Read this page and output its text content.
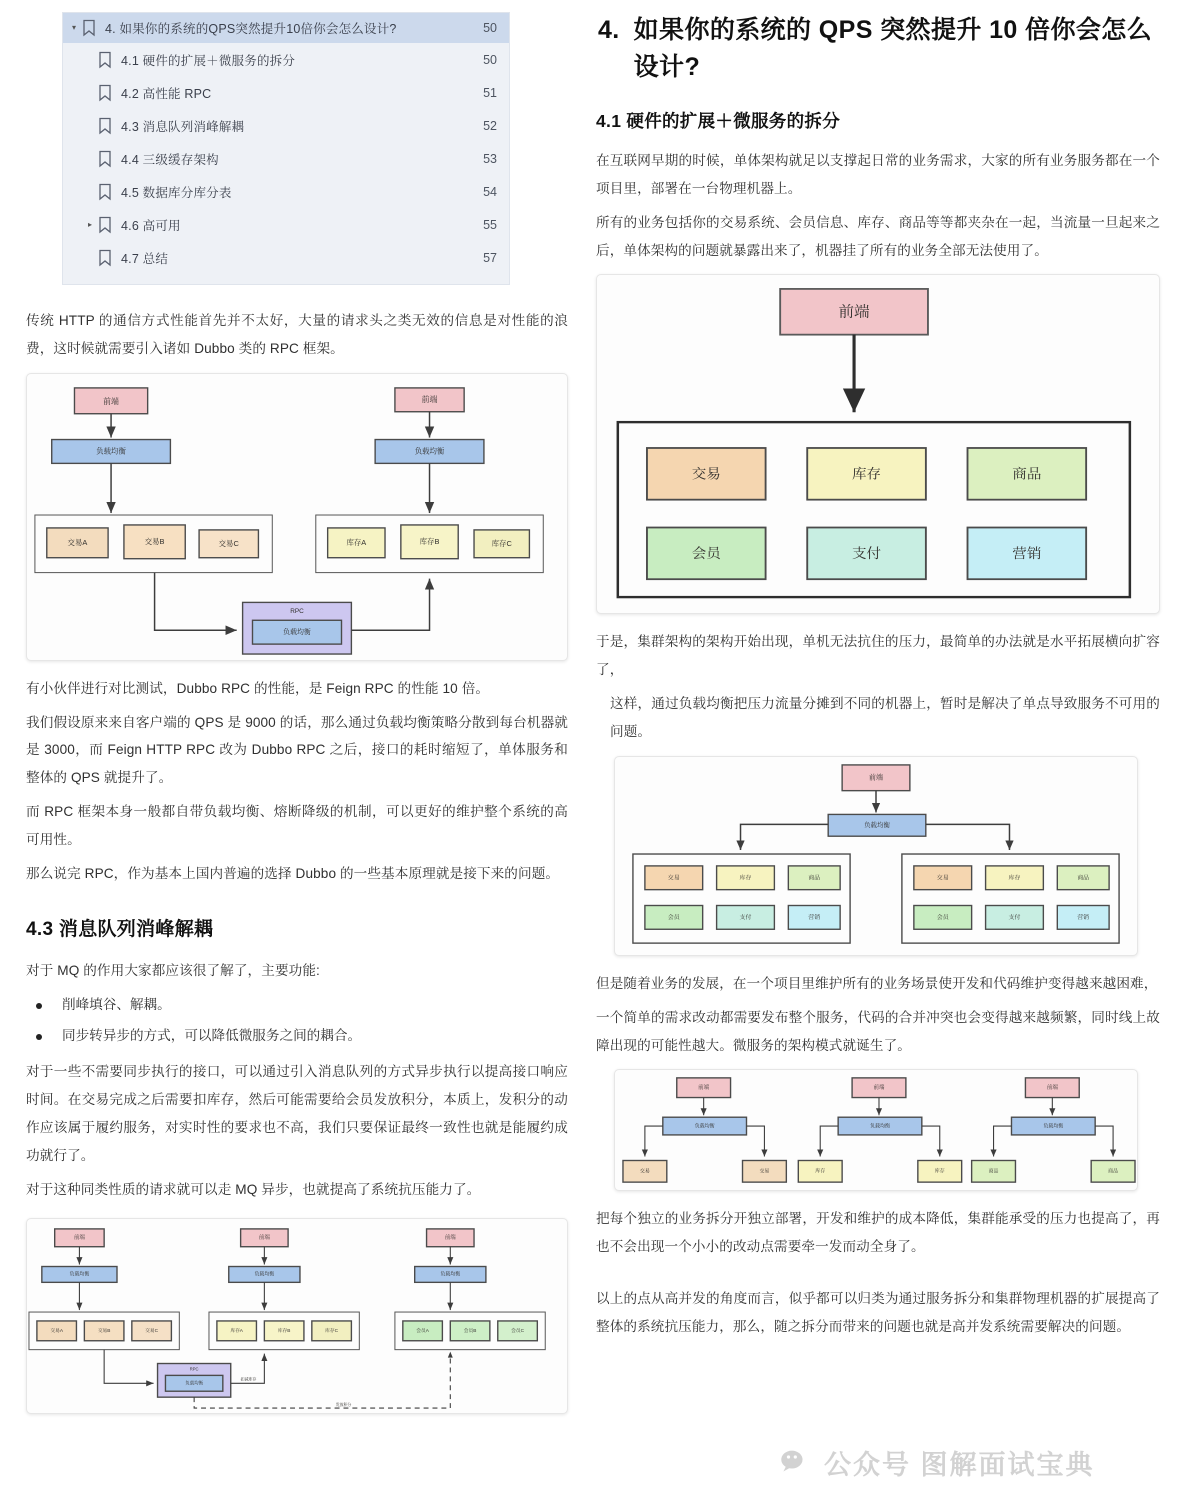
▾	4. 如果你的系统的QPS突然提升10倍你会怎么设计?	50
4.1 硬件的扩展＋微服务的拆分	50
4.2 高性能 RPC	51
4.3 消息队列消峰解耦	52
4.4 三级缓存架构	53
4.5 数据库分库分表	54
▸	4.6 高可用	55
4.7 总结	57

传统 HTTP 的通信方式性能首先并不太好，大量的请求头之类无效的信息是对性能的浪费，这时候就需要引入诸如 Dubbo 类的 RPC 框架。

前端
负载均衡
交易A	交易B	交易C
前端
负载均衡
库存A	库存B	库存C
RPC
负载均衡

有小伙伴进行对比测试，Dubbo RPC 的性能，是 Feign RPC 的性能 10 倍。

我们假设原来来自客户端的 QPS 是 9000 的话，那么通过负载均衡策略分散到每台机器就是 3000，而 Feign HTTP RPC 改为 Dubbo RPC 之后，接口的耗时缩短了，单体服务和整体的 QPS 就提升了。

而 RPC 框架本身一般都自带负载均衡、熔断降级的机制，可以更好的维护整个系统的高可用性。

那么说完 RPC，作为基本上国内普遍的选择 Dubbo 的一些基本原理就是接下来的问题。

4.3 消息队列消峰解耦

对于 MQ 的作用大家都应该很了解了，主要功能:

削峰填谷、解耦。
同步转异步的方式，可以降低微服务之间的耦合。

对于一些不需要同步执行的接口，可以通过引入消息队列的方式异步执行以提高接口响应时间。在交易完成之后需要扣库存，然后可能需要给会员发放积分，本质上，发积分的动作应该属于履约服务，对实时性的要求也不高，我们只要保证最终一致性也就是能履约成功就行了。

对于这种同类性质的请求就可以走 MQ 异步，也就提高了系统抗压能力了。

前端
负载均衡
交易A	交易B	交易C
前端
负载均衡
库存A	库存B	库存C
前端
负载均衡
会员A	会员B	会员C
RPC
负载均衡
扣减库存
发放积分
4. 如果你的系统的 QPS 突然提升 10 倍你会怎么设计?
4.1 硬件的扩展＋微服务的拆分

在互联网早期的时候，单体架构就足以支撑起日常的业务需求，大家的所有业务服务都在一个项目里，部署在一台物理机器上。

所有的业务包括你的交易系统、会员信息、库存、商品等等都夹杂在一起，当流量一旦起来之后，单体架构的问题就暴露出来了，机器挂了所有的业务全部无法使用了。

前端
交易	库存	商品
会员	支付	营销

于是，集群架构的架构开始出现，单机无法抗住的压力，最简单的办法就是水平拓展横向扩容了，

这样，通过负载均衡把压力流量分摊到不同的机器上，暂时是解决了单点导致服务不可用的问题。

前端
负载均衡
交易	库存	商品
会员	支付	营销
交易	库存	商品
会员	支付	营销

但是随着业务的发展，在一个项目里维护所有的业务场景使开发和代码维护变得越来越困难，

一个简单的需求改动都需要发布整个服务，代码的合并冲突也会变得越来越频繁，同时线上故障出现的可能性越大。微服务的架构模式就诞生了。

前端
负载均衡
交易	交易
前端
负载均衡
库存	库存
前端
负载均衡
商品	商品

把每个独立的业务拆分开独立部署，开发和维护的成本降低，集群能承受的压力也提高了，再也不会出现一个小小的改动点需要牵一发而动全身了。

以上的点从高并发的角度而言，似乎都可以归类为通过服务拆分和集群物理机器的扩展提高了整体的系统抗压能力，那么，随之拆分而带来的问题也就是高并发系统需要解决的问题。

公众号 图解面试宝典
